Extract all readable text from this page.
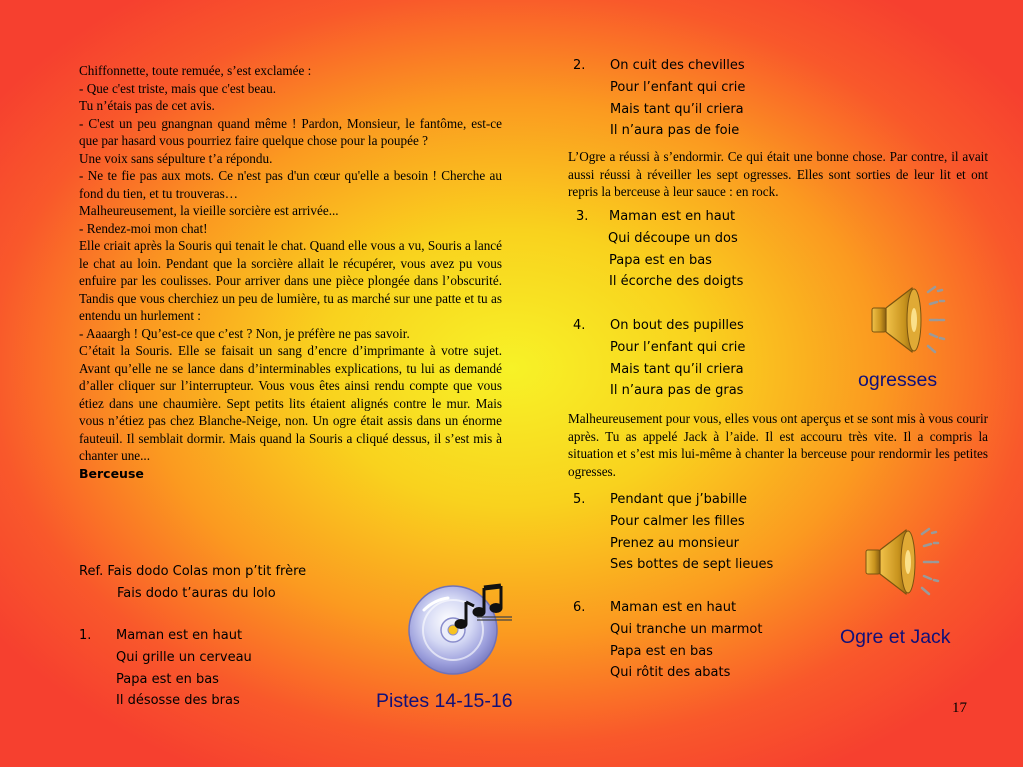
Chiffonnette, toute remuée, s’est exclamée :

- Que c'est triste, mais que c'est beau.

Tu n’étais pas de cet avis.

- C'est un peu gnangnan quand même ! Pardon, Monsieur, le fantôme, est-ce que par hasard vous pourriez faire quelque chose pour la poupée ?

Une voix sans sépulture t’a répondu.

- Ne te fie pas aux mots. Ce n'est pas d'un cœur qu'elle a besoin ! Cherche au fond du tien, et tu trouveras…

Malheureusement, la vieille sorcière est arrivée...

- Rendez-moi mon chat!

Elle criait après la Souris qui tenait le chat. Quand elle vous a vu, Souris a lancé le chat au loin. Pendant que la sorcière allait le récupérer, vous avez pu vous enfuire par les coulisses. Pour arriver dans une pièce plongée dans l’obscurité. Tandis que vous cherchiez un peu de lumière, tu as marché sur une patte et tu as entendu un hurlement :

- Aaaargh ! Qu’est-ce que c’est ? Non, je préfère ne pas savoir.

C’était la Souris. Elle se faisait un sang d’encre d’imprimante à votre sujet. Avant qu’elle ne se lance dans d’interminables explications, tu lui as demandé d’aller cliquer sur l’interrupteur. Vous vous êtes ainsi rendu compte que vous étiez dans une chaumière. Sept petits lits étaient alignés contre le mur. Mais vous n’étiez pas chez Blanche-Neige, non. Un ogre était assis dans un énorme fauteuil. Il semblait dormir. Mais quand la Souris a cliqué dessus, il s’est mis à chanter une...

Berceuse

Ref. Fais dodo Colas mon p’tit frère
Fais dodo t’auras du lolo
1. Maman est en haut
Qui grille un cerveau
Papa est en bas
Il désosse des bras
2. On cuit des chevilles
Pour l’enfant qui crie
Mais tant qu’il criera
Il n’aura pas de foie

L’Ogre a réussi à s’endormir. Ce qui était une bonne chose. Par contre, il avait aussi réussi à réveiller les sept ogresses. Elles sont sorties de leur lit et ont repris la berceuse à leur sauce : en rock.

3. Maman est en haut
Qui découpe un dos
Papa est en bas
Il écorche des doigts
4. On bout des pupilles
Pour l’enfant qui crie
Mais tant qu’il criera
Il n’aura pas de gras

Malheureusement pour vous, elles vous ont aperçus et se sont mis à vous courir après. Tu as appelé Jack à l’aide. Il est accouru très vite. Il a compris la situation et s’est mis lui-même à chanter la berceuse pour rendormir les petites ogresses.

5. Pendant que j’babille
Pour calmer les filles
Prenez au monsieur
Ses bottes de sept lieues
6. Maman est en haut
Qui tranche un marmot
Papa est en bas
Qui rôtit des abats
Pistes 14-15-16
ogresses
Ogre et Jack
17
